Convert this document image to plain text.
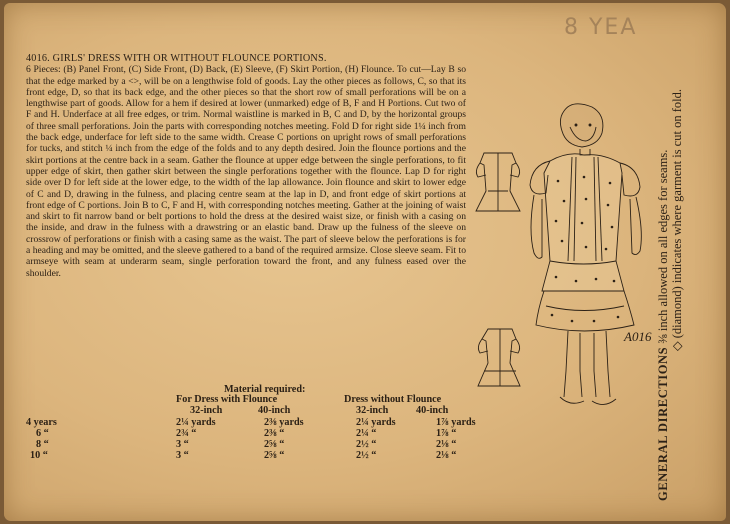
8 YEA
4016. GIRLS' DRESS WITH OR WITHOUT FLOUNCE PORTIONS.
6 Pieces: (B) Panel Front, (C) Side Front, (D) Back, (E) Sleeve, (F) Skirt Portion, (H) Flounce. To cut—Lay B so that the edge marked by a <>, will be on a lengthwise fold of goods. Lay the other pieces as follows, C, so that its front edge, D, so that its back edge, and the other pieces so that the short row of small perforations will be on a lengthwise part of goods. Allow for a hem if desired at lower (unmarked) edge of B, F and H Portions. Cut two of F and H. Underface at all free edges, or trim. Normal waistline is marked in B, C and D, by the horizontal groups of three small perforations. Join the parts with corresponding notches meeting. Fold D for right side 1¼ inch from the back edge, underface for left side to the same width. Crease C portions on upright rows of small perforations for tucks, and stitch ¼ inch from the edge of the folds and to any depth desired. Join the flounce portions and the skirt portions at the centre back in a seam. Gather the flounce at upper edge between the single perforations, to fit upper edge of skirt, then gather skirt between the single perforations together with the flounce. Lap D for right side over D for left side at the lower edge, to the width of the lap allowance. Join flounce and skirt to lower edge of C and D, drawing in the fulness, and placing centre seam at the lap in D, and front edge of skirt portions at front edge of C portions. Join B to C, F and H, with corresponding notches meeting. Gather at the joining of waist and skirt to fit narrow band or belt portions to hold the dress at the desired waist size, or finish with a casing on the inside, and draw in the fulness with a drawstring or an elastic band. Draw up the fulness of the sleeve on crossrow of perforations or finish with a casing same as the waist. The part of sleeve below the perforations is for a heading and may be omitted, and the sleeve gathered to a band of the required armsize. Close sleeve seam. Fit to armseye with seam at underarm seam, single perforation toward the front, and any fulness eased over the shoulder.
Material required:
For Dress with Flounce	Dress without Flounce
32-inch	40-inch	32-inch	40-inch
4 years	2¼ yards	2⅜ yards	2¼ yards	1⅞ yards
6 “	2¾ “	2⅜ “	2¼ “	1⅞ “
8 “	3 “	2⅝ “	2½ “	2⅛ “
10 “	3 “	2⅝ “	2½ “	2⅛ “
A016
GENERAL DIRECTIONS ⅜ inch allowed on all edges for seams. ◇ (diamond) indicates where garment is cut on fold.
